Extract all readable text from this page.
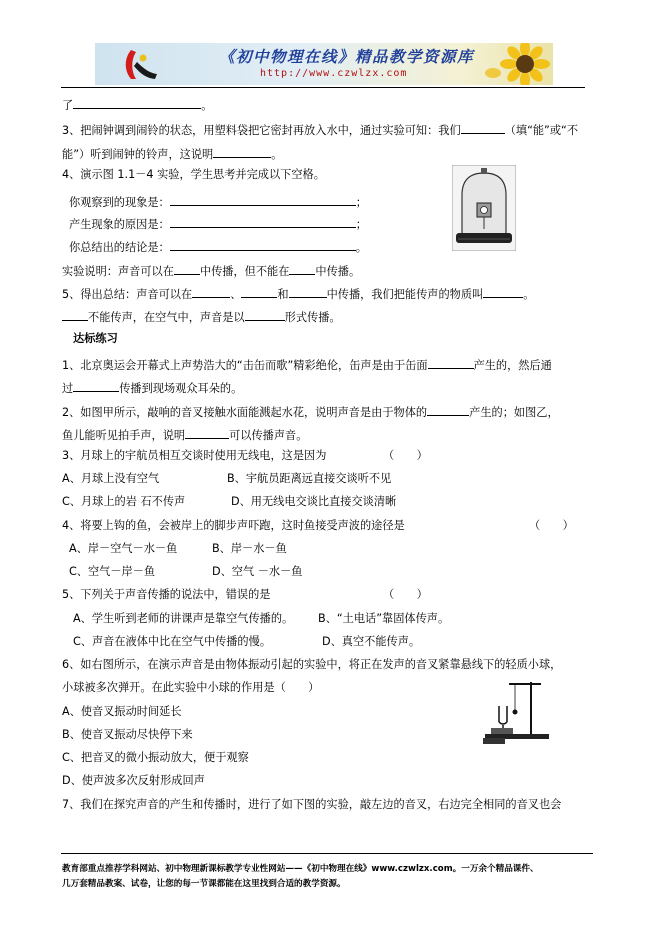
《初中物理在线》精品教学资源库
http://www.czwlzx.com
了	。
3、把闹钟调到闹铃的状态，用塑料袋把它密封再放入水中，通过实验可知：我们	（填“能”或“不
能”）听到闹钟的铃声，这说明	。
4、演示图 1.1－4 实验，学生思考并完成以下空格。
你观察到的现象是：	；
产生现象的原因是：	；
你总结出的结论是：	。
实验说明：声音可以在 中传播，但不能在 中传播。
5、得出总结：声音可以在	、	和	中传播，我们把能传声的物质叫	。
不能传声，在空气中，声音是以	形式传播。
达标练习
1、北京奥运会开幕式上声势浩大的“击缶而歌”精彩绝伦，缶声是由于缶面	产生的，然后通
过	传播到现场观众耳朵的。
2、如图甲所示，敲响的音叉接触水面能溅起水花，说明声音是由于物体的	产生的；如图乙，
鱼儿能听见拍手声，说明	可以传播声音。
3、月球上的宇航员相互交谈时使用无线电，这是因为	（　　）
A、月球上没有空气	B、宇航员距离远直接交谈听不见
C、月球上的岩 石不传声	D、用无线电交谈比直接交谈清晰
4、将要上钩的鱼，会被岸上的脚步声吓跑，这时鱼接受声波的途径是	（　　）
A、岸－空气－水－鱼	B、岸－水－鱼
C、空气－岸－鱼	D、空气 －水－鱼
5、下列关于声音传播的说法中，错误的是	（　　）
A、学生听到老师的讲课声是靠空气传播的。 B、“土电话”靠固体传声。
C、声音在液体中比在空气中传播的慢。	D、真空不能传声。
6、如右图所示，在演示声音是由物体振动引起的实验中，将正在发声的音叉紧靠悬线下的轻质小球，
小球被多次弹开。在此实验中小球的作用是（　　）
A、使音叉振动时间延长
B、使音叉振动尽快停下来
C、把音叉的微小振动放大，便于观察
D、使声波多次反射形成回声
7、我们在探究声音的产生和传播时，进行了如下图的实验，敲左边的音叉，右边完全相同的音叉也会
教育部重点推荐学科网站、初中物理新课标教学专业性网站——《初中物理在线》www.czwlzx.com。一万余个精品课件、
几万套精品教案、试卷，让您的每一节课都能在这里找到合适的教学资源。
